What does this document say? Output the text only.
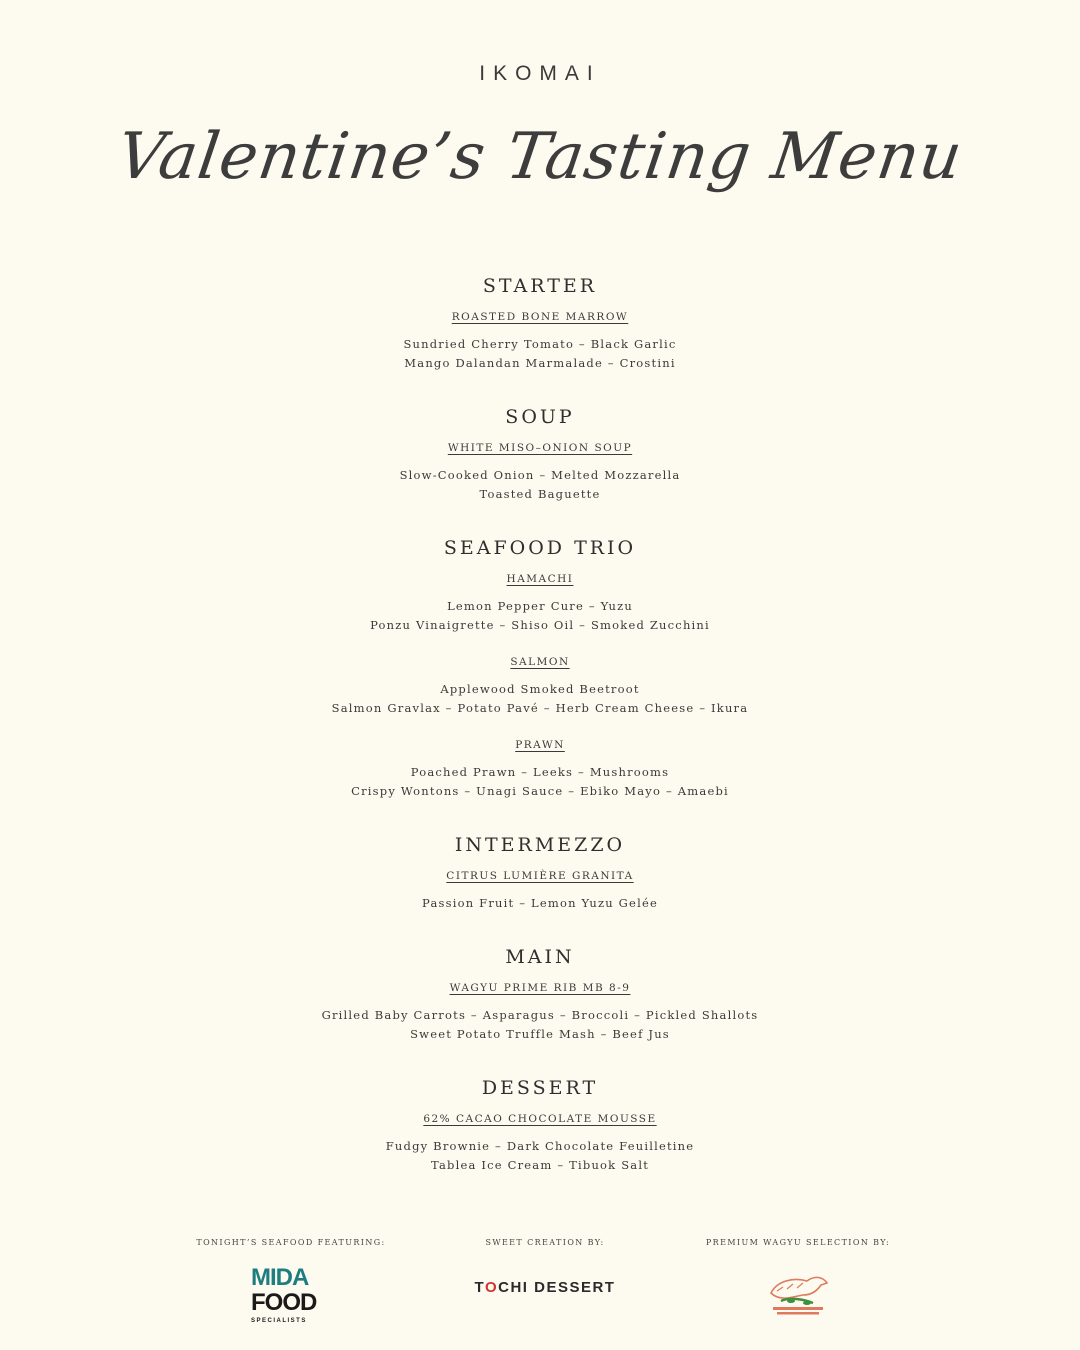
IKOMAI
Valentine’s Tasting Menu
STARTER
ROASTED BONE MARROW
Sundried Cherry Tomato – Black Garlic
Mango Dalandan Marmalade – Crostini
SOUP
WHITE MISO–ONION SOUP
Slow-Cooked Onion – Melted Mozzarella
Toasted Baguette
SEAFOOD TRIO
HAMACHI
Lemon Pepper Cure – Yuzu
Ponzu Vinaigrette – Shiso Oil – Smoked Zucchini
SALMON
Applewood Smoked Beetroot
Salmon Gravlax – Potato Pavé – Herb Cream Cheese – Ikura
PRAWN
Poached Prawn – Leeks – Mushrooms
Crispy Wontons – Unagi Sauce – Ebiko Mayo – Amaebi
INTERMEZZO
CITRUS LUMIÈRE GRANITA
Passion Fruit – Lemon Yuzu Gelée
MAIN
WAGYU PRIME RIB MB 8-9
Grilled Baby Carrots – Asparagus – Broccoli – Pickled Shallots
Sweet Potato Truffle Mash – Beef Jus
DESSERT
62% CACAO CHOCOLATE MOUSSE
Fudgy Brownie – Dark Chocolate Feuilletine
Tablea Ice Cream – Tibuok Salt
TONIGHT’S SEAFOOD FEATURING:
MIDA
FOOD
SPECIALISTS
SWEET CREATION BY:
TOCHI DESSERT
PREMIUM WAGYU SELECTION BY:
